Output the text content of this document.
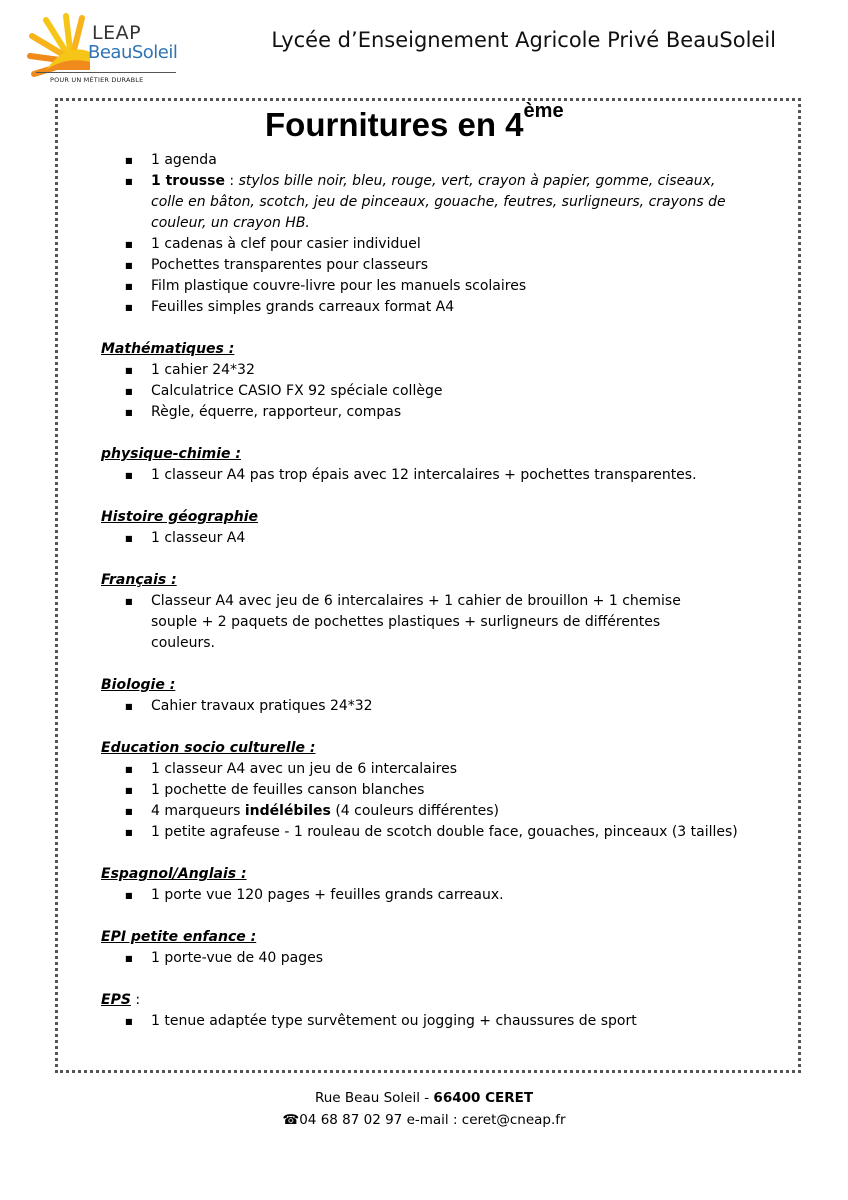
LEAP
BeauSoleil
POUR UN MÉTIER DURABLE
Lycée d’Enseignement Agricole Privé BeauSoleil
Fournitures en 4ème
■ 1 agenda
■ 1 trousse : stylos bille noir, bleu, rouge, vert, crayon à papier, gomme, ciseaux, colle en bâton, scotch, jeu de pinceaux, gouache, feutres, surligneurs, crayons de couleur, un crayon HB.
■ 1 cadenas à clef pour casier individuel
■ Pochettes transparentes pour classeurs
■ Film plastique couvre-livre pour les manuels scolaires
■ Feuilles simples grands carreaux format A4
Mathématiques :
■ 1 cahier 24*32
■ Calculatrice CASIO FX 92 spéciale collège
■ Règle, équerre, rapporteur, compas
physique-chimie :
■ 1 classeur A4 pas trop épais avec 12 intercalaires + pochettes transparentes.
Histoire géographie
■ 1 classeur A4
Français :
■ Classeur A4 avec jeu de 6 intercalaires + 1 cahier de brouillon + 1 chemise souple + 2 paquets de pochettes plastiques + surligneurs de différentes couleurs.
Biologie :
■ Cahier travaux pratiques 24*32
Education socio culturelle :
■ 1 classeur A4 avec un jeu de 6 intercalaires
■ 1 pochette de feuilles canson blanches
■ 4 marqueurs indélébiles (4 couleurs différentes)
■ 1 petite agrafeuse - 1 rouleau de scotch double face, gouaches, pinceaux (3 tailles)
Espagnol/Anglais :
■ 1 porte vue 120 pages + feuilles grands carreaux.
EPI petite enfance :
■ 1 porte-vue de 40 pages
EPS :
■ 1 tenue adaptée type survêtement ou jogging + chaussures de sport
Rue Beau Soleil - 66400 CERET
☎04 68 87 02 97 e-mail : ceret@cneap.fr
